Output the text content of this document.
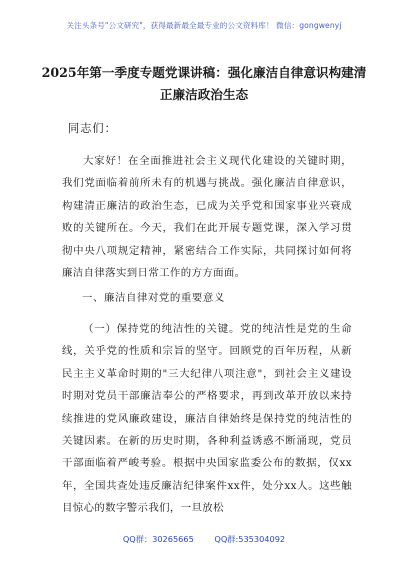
关注头条号"公文研究"，获得最新最全最专业的公文资料库！ 微信：gongwenyj
2025年第一季度专题党课讲稿：强化廉洁自律意识构建清
正廉洁政治生态
同志们：
大家好！在全面推进社会主义现代化建设的关键时期，我们党面临着前所未有的机遇与挑战。强化廉洁自律意识，构建清正廉洁的政治生态，已成为关乎党和国家事业兴衰成败的关键所在。今天，我们在此开展专题党课，深入学习贯彻中央八项规定精神，紧密结合工作实际，共同探讨如何将廉洁自律落实到日常工作的方方面面。
一、廉洁自律对党的重要意义
（一）保持党的纯洁性的关键。党的纯洁性是党的生命线，关乎党的性质和宗旨的坚守。回顾党的百年历程，从新民主主义革命时期的"三大纪律八项注意"，到社会主义建设时期对党员干部廉洁奉公的严格要求，再到改革开放以来持续推进的党风廉政建设，廉洁自律始终是保持党的纯洁性的关键因素。在新的历史时期，各种利益诱惑不断涌现，党员干部面临着严峻考验。根据中央国家监委公布的数据，仅xx年，全国共查处违反廉洁纪律案件xx件，处分xx人。这些触目惊心的数字警示我们，一旦放松
QQ群：30265665	QQ群:535304092
